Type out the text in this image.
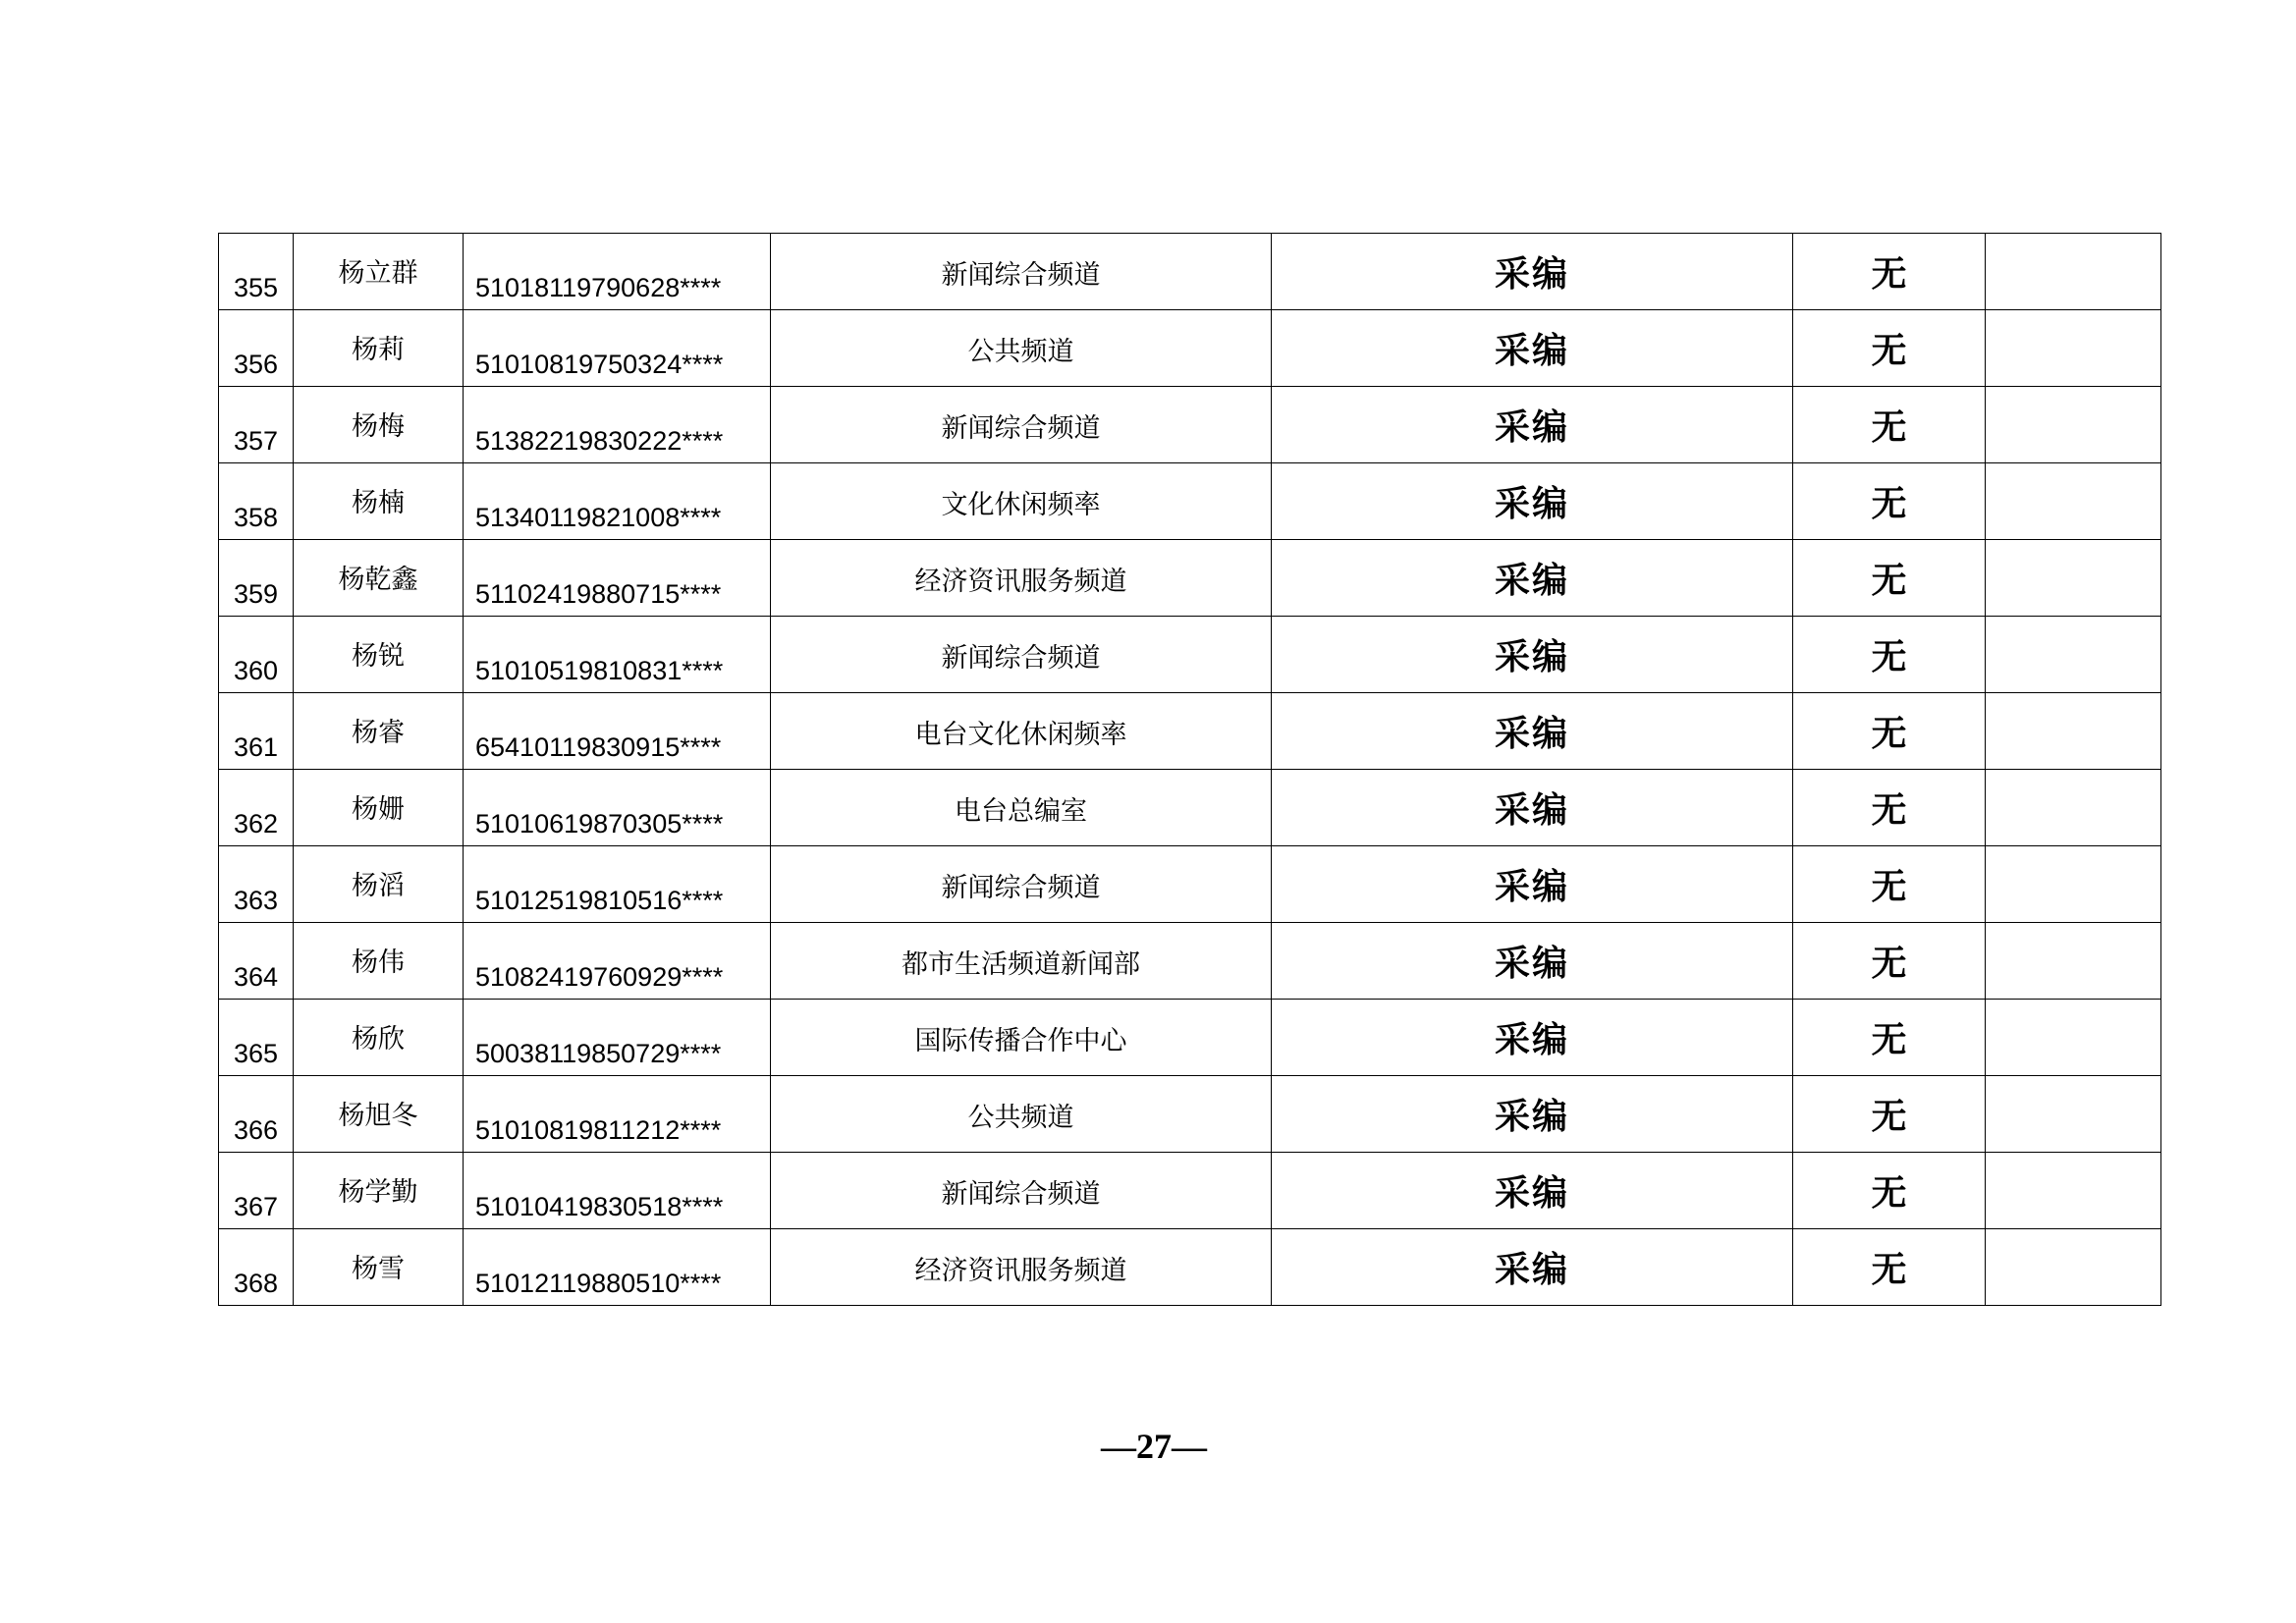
355	杨立群	51018119790628****	新闻综合频道	采编	无	
356	杨莉	51010819750324****	公共频道	采编	无	
357	杨梅	51382219830222****	新闻综合频道	采编	无	
358	杨楠	51340119821008****	文化休闲频率	采编	无	
359	杨乾鑫	51102419880715****	经济资讯服务频道	采编	无	
360	杨锐	51010519810831****	新闻综合频道	采编	无	
361	杨睿	65410119830915****	电台文化休闲频率	采编	无	
362	杨姗	51010619870305****	电台总编室	采编	无	
363	杨滔	51012519810516****	新闻综合频道	采编	无	
364	杨伟	51082419760929****	都市生活频道新闻部	采编	无	
365	杨欣	50038119850729****	国际传播合作中心	采编	无	
366	杨旭冬	51010819811212****	公共频道	采编	无	
367	杨学勤	51010419830518****	新闻综合频道	采编	无	
368	杨雪	51012119880510****	经济资讯服务频道	采编	无	
—27—
